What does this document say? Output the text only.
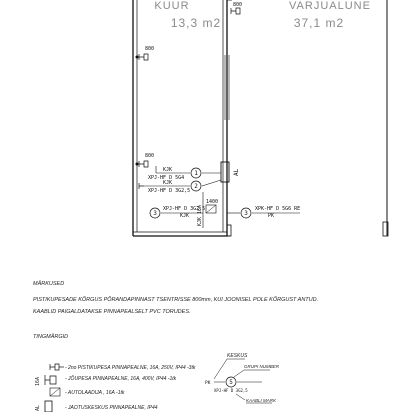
KUUR
13,3 m2
VARJUALUNE
37,1 m2
800
800
800
AL
1
KJK
XPJ-HF D 5G4
2
KJK
XPJ-HF D 3G2,5
KJK 16A
1400
3
XPJ-HF D 3G2,5
KJK	3
XPK-HF D 5G6 RE
PK
MÄRKUSED
PISTIKUPESADE KÕRGUS PÕRANDAPINNAST TSENTRISSE 800mm, KUI JOONISEL POLE KÕRGUST ANTUD.
KAABLID PAIGALDATAKSE PINNAPEALSELT PVC TORUDES.
TINGMÄRGID
- 2no PISTIKUPESA PINNAPEALNE, 16A, 250V, IP44 -3tk
16A	- JÕUPESA PINNAPEALNE, 16A, 400V, IP44 -1tk
- AUTOLAADIJA , 16A -1tk
AL	- JAOTUSKESKUS PINNAPEALNE, IP44
KESKUS
GRUPI NUMBER
PK	5
XPJ-HF D 3G2,5
KAABLI MARK
